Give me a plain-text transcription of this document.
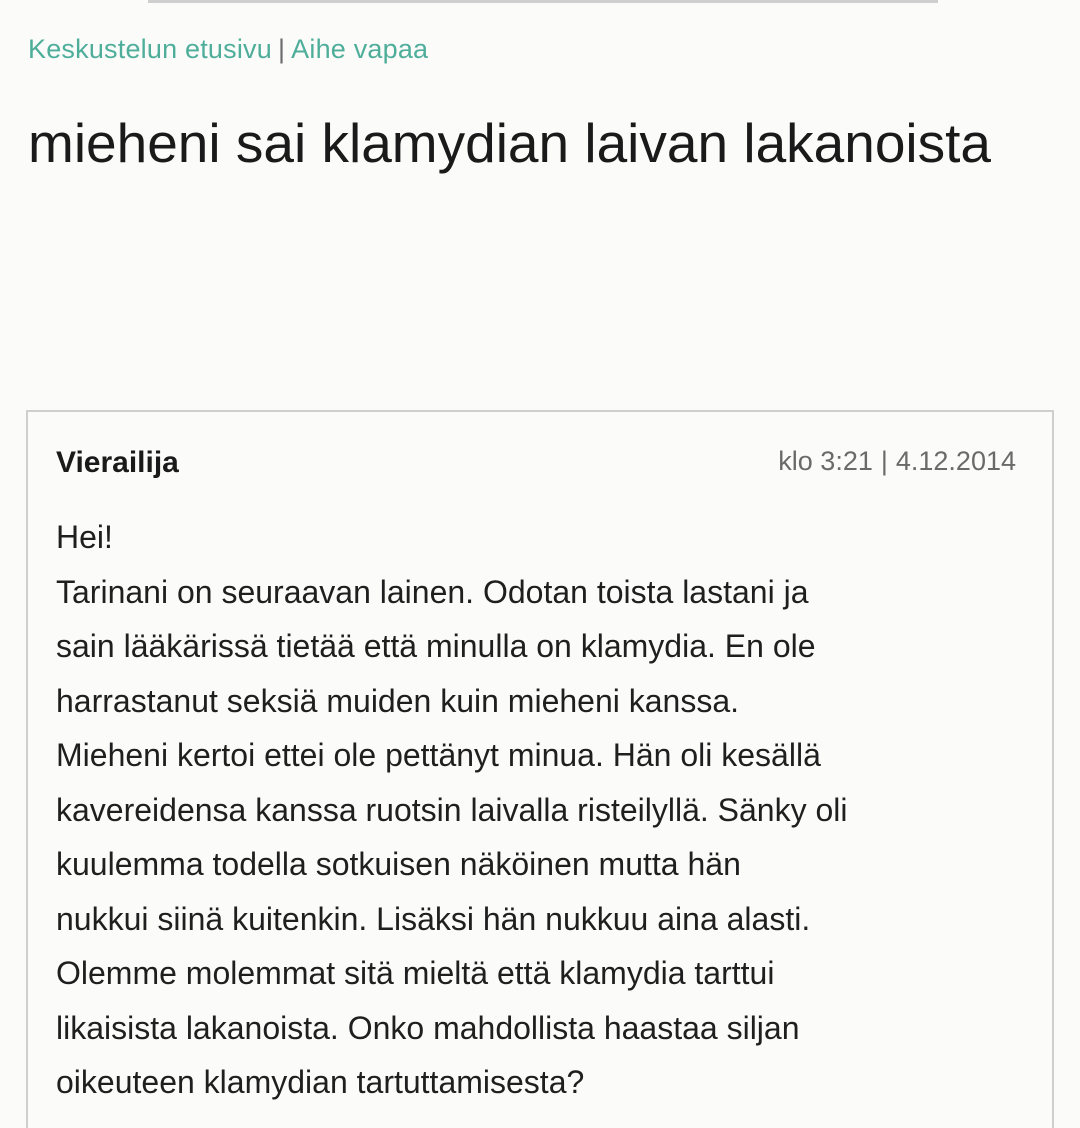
Keskustelun etusivu | Aihe vapaa
mieheni sai klamydian laivan lakanoista
Vierailija	klo 3:21 | 4.12.2014
Hei!
Tarinani on seuraavan lainen. Odotan toista lastani ja
sain lääkärissä tietää että minulla on klamydia. En ole
harrastanut seksiä muiden kuin mieheni kanssa.
Mieheni kertoi ettei ole pettänyt minua. Hän oli kesällä
kavereidensa kanssa ruotsin laivalla risteilyllä. Sänky oli
kuulemma todella sotkuisen näköinen mutta hän
nukkui siinä kuitenkin. Lisäksi hän nukkuu aina alasti.
Olemme molemmat sitä mieltä että klamydia tarttui
likaisista lakanoista. Onko mahdollista haastaa siljan
oikeuteen klamydian tartuttamisesta?
